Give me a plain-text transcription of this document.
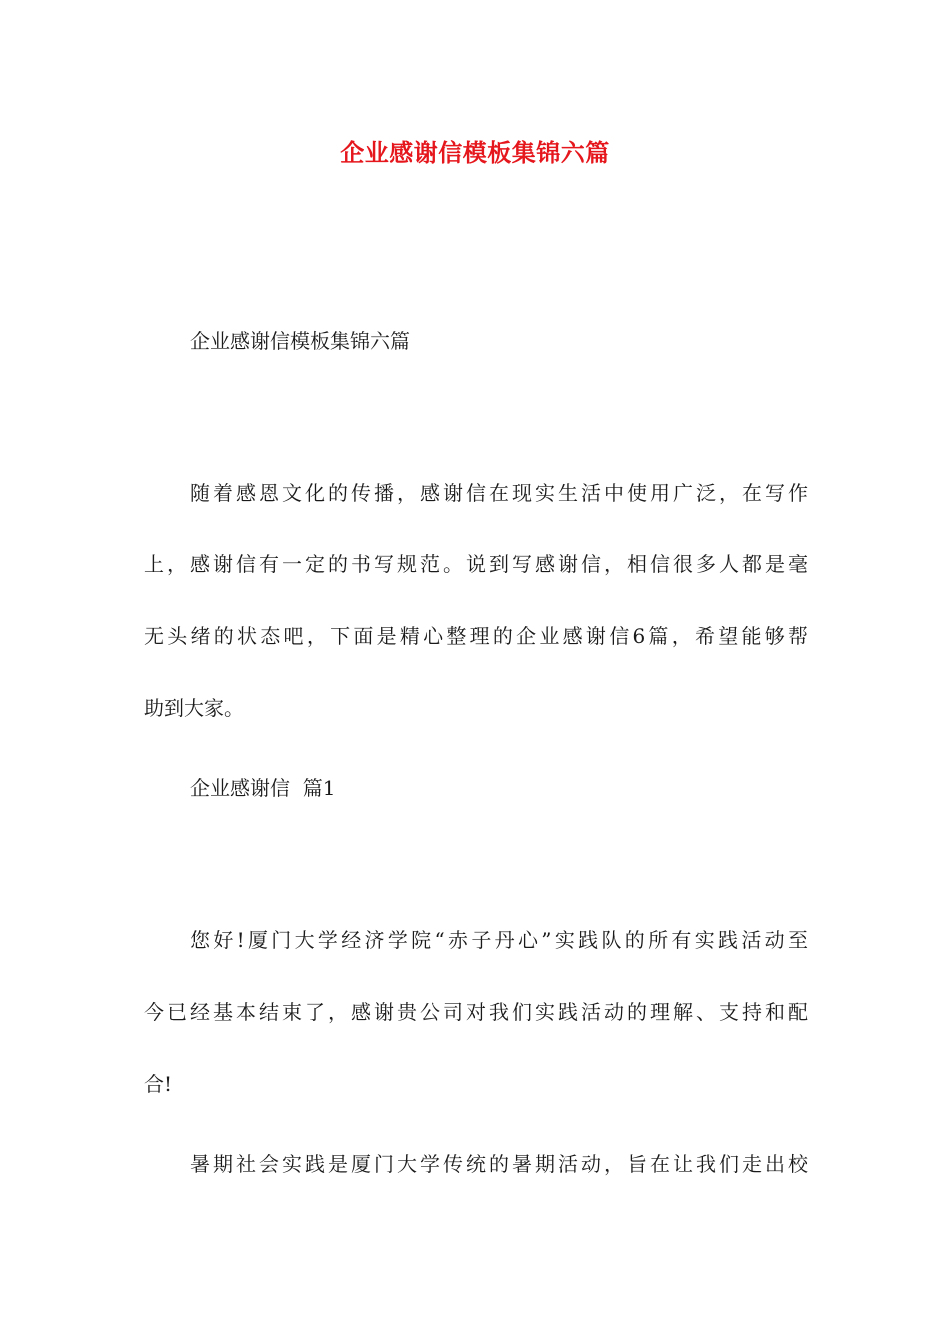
企业感谢信模板集锦六篇
企业感谢信模板集锦六篇
随着感恩文化的传播，感谢信在现实生活中使用广泛，在写作
上，感谢信有一定的书写规范。说到写感谢信，相信很多人都是毫
无头绪的状态吧，下面是精心整理的企业感谢信6篇，希望能够帮
助到大家。
企业感谢信  篇1
您好!厦门大学经济学院“赤子丹心”实践队的所有实践活动至
今已经基本结束了，感谢贵公司对我们实践活动的理解、支持和配
合!
暑期社会实践是厦门大学传统的暑期活动，旨在让我们走出校
